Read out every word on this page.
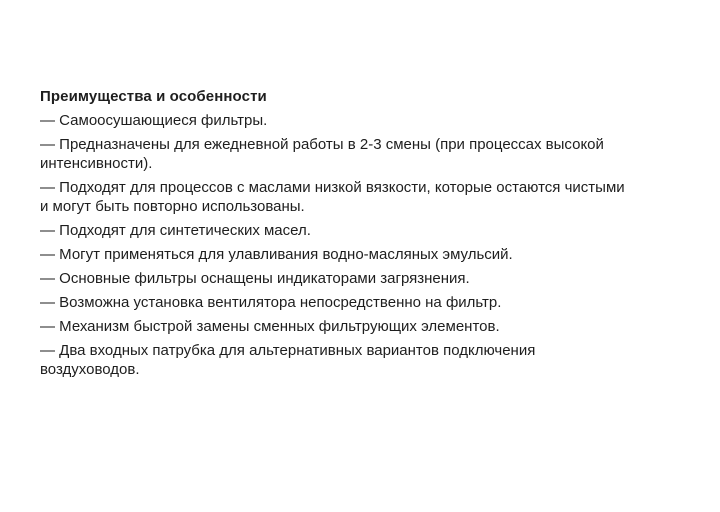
Преимущества и особенности
— Самоосушающиеся фильтры.
— Предназначены для ежедневной работы в 2-3 смены (при процессах высокой
интенсивности).
— Подходят для процессов с маслами низкой вязкости, которые остаются чистыми
и могут быть повторно использованы.
— Подходят для синтетических масел.
— Могут применяться для улавливания водно-масляных эмульсий.
— Основные фильтры оснащены индикаторами загрязнения.
— Возможна установка вентилятора непосредственно на фильтр.
— Механизм быстрой замены сменных фильтрующих элементов.
— Два входных патрубка для альтернативных вариантов подключения
воздуховодов.
